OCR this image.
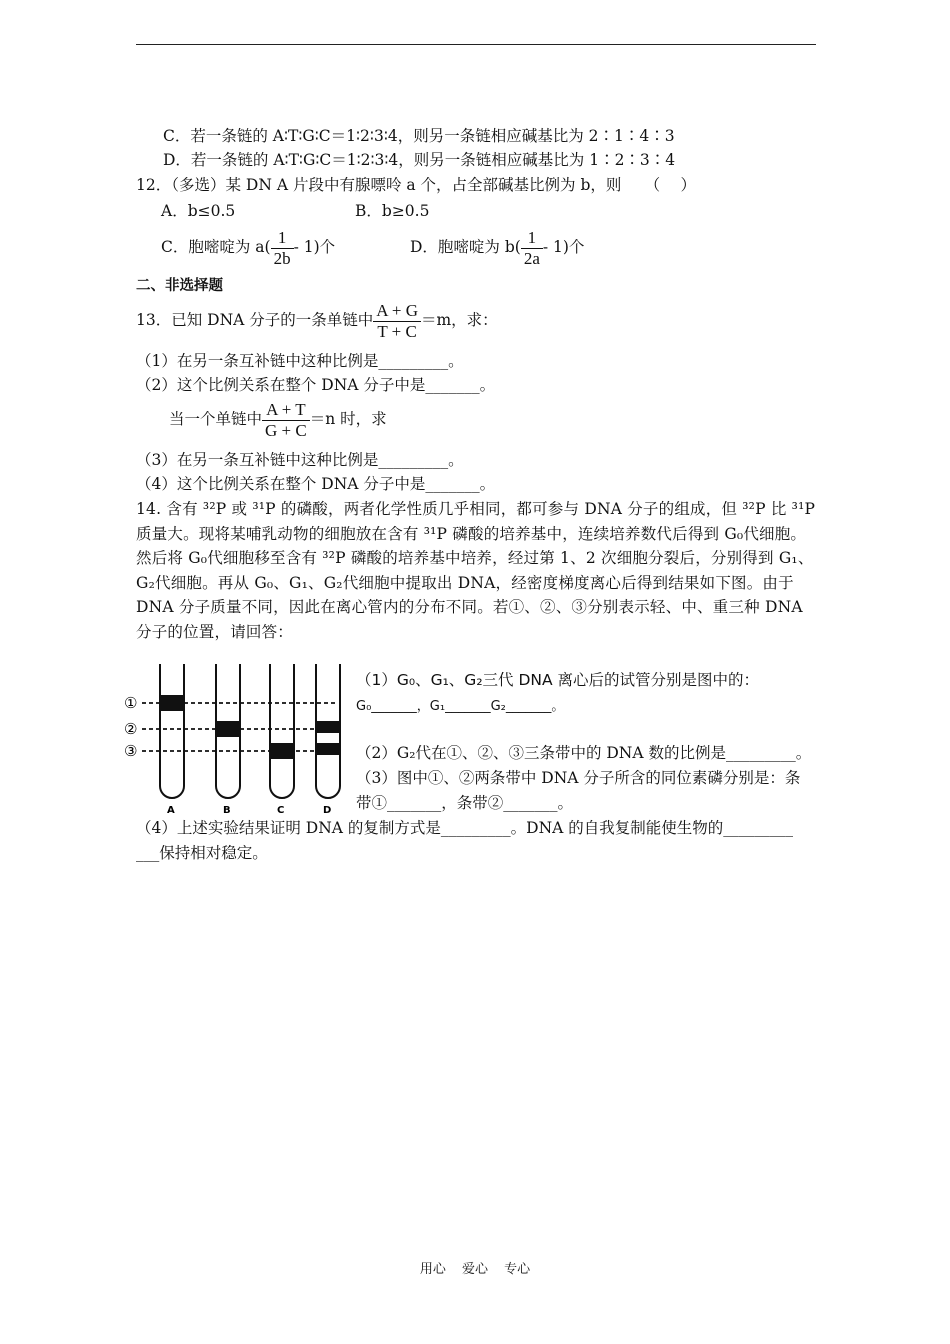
C．若一条链的 A∶T∶G∶C＝1∶2∶3∶4，则另一条链相应碱基比为 2∶1∶4∶3
D．若一条链的 A∶T∶G∶C＝1∶2∶3∶4，则另一条链相应碱基比为 1∶2∶3∶4
12．（多选）某 DN A 片段中有腺嘌呤 a 个，占全部碱基比例为 b，则　　（　 ）
A．b≤0.5	B．b≥0.5
C．胞嘧啶为 $a( \frac{1}{2b} - 1)$个	D．胞嘧啶为 $b( \frac{1}{2a} - 1)$个
二、非选择题
13．已知 DNA 分子的一条单链中 $\frac{A + G}{T + C} =m$，求：
（1）在另一条互补链中这种比例是_________。
（2）这个比例关系在整个 DNA 分子中是_______。
当一个单链中 $\frac{A + T}{G + C} =n$ 时，求
（3）在另一条互补链中这种比例是_________。
（4）这个比例关系在整个 DNA 分子中是_______。
14. 含有 ³²P 或 ³¹P 的磷酸，两者化学性质几乎相同，都可参与 DNA 分子的组成，但 ³²P 比 ³¹P 质量大。现将某哺乳动物的细胞放在含有 ³¹P 磷酸的培养基中，连续培养数代后得到 G₀代细胞。然后将 G₀代细胞移至含有 ³²P 磷酸的培养基中培养，经过第 1、2 次细胞分裂后，分别得到 G₁、G₂代细胞。再从 G₀、G₁、G₂代细胞中提取出 DNA，经密度梯度离心后得到结果如下图。由于 DNA 分子质量不同，因此在离心管内的分布不同。若①、②、③分别表示轻、中、重三种 DNA 分子的位置，请回答：
①
②
③
A	B	C	D
（1）G₀、G₁、G₂三代 DNA 离心后的试管分别是图中的：
G₀_______，G₁_______G₂_______。
（2）G₂代在①、②、③三条带中的 DNA 数的比例是_________。
（3）图中①、②两条带中 DNA 分子所含的同位素磷分别是：条
带①_______，条带②_______。
（4）上述实验结果证明 DNA 的复制方式是_________。DNA 的自我复制能使生物的_________
___保持相对稳定。
用心 爱心 专心
